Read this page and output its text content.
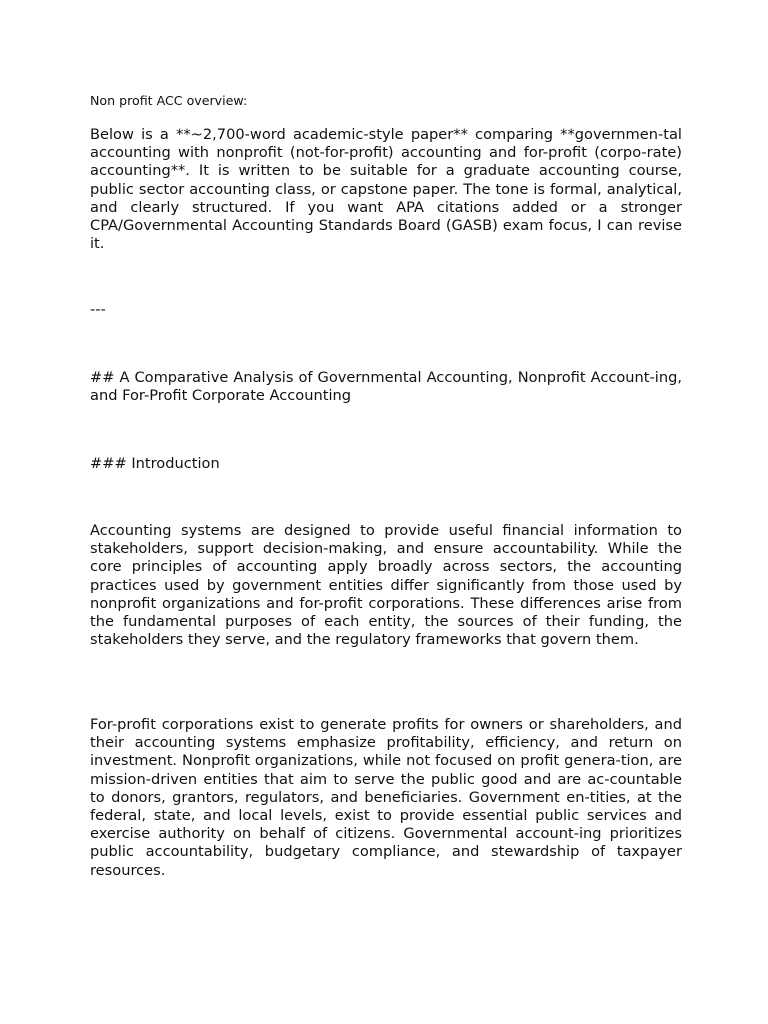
Non profit ACC overview:

Below is a **~2,700-word academic-style paper** comparing **governmen-tal accounting with nonprofit (not-for-profit) accounting and for-profit (corpo-rate) accounting**. It is written to be suitable for a graduate accounting course, public sector accounting class, or capstone paper. The tone is formal, analytical, and clearly structured. If you want APA citations added or a stronger CPA/Governmental Accounting Standards Board (GASB) exam focus, I can revise it.

---

## A Comparative Analysis of Governmental Accounting, Nonprofit Account-ing, and For-Profit Corporate Accounting

### Introduction

Accounting systems are designed to provide useful financial information to stakeholders, support decision-making, and ensure accountability. While the core principles of accounting apply broadly across sectors, the accounting practices used by government entities differ significantly from those used by nonprofit organizations and for-profit corporations. These differences arise from the fundamental purposes of each entity, the sources of their funding, the stakeholders they serve, and the regulatory frameworks that govern them.

For-profit corporations exist to generate profits for owners or shareholders, and their accounting systems emphasize profitability, efficiency, and return on investment. Nonprofit organizations, while not focused on profit genera-tion, are mission-driven entities that aim to serve the public good and are ac-countable to donors, grantors, regulators, and beneficiaries. Government en-tities, at the federal, state, and local levels, exist to provide essential public services and exercise authority on behalf of citizens. Governmental account-ing prioritizes public accountability, budgetary compliance, and stewardship of taxpayer resources.
